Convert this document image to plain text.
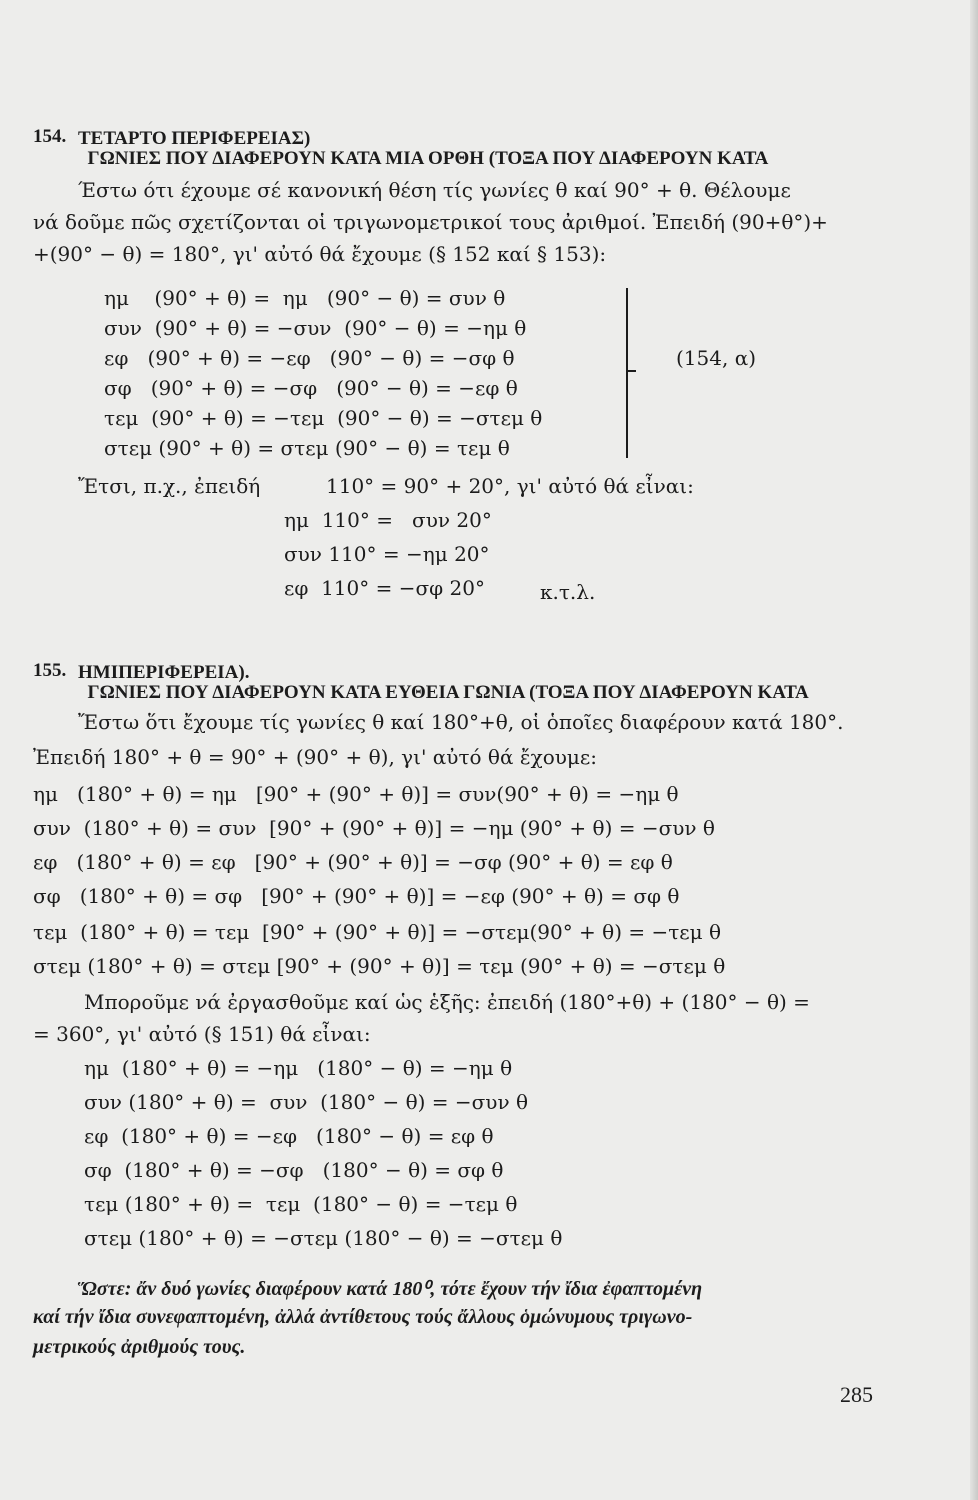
154.

ΓΩΝΙΕΣ ΠΟΥ ΔΙΑΦΕΡΟΥΝ ΚΑΤΑ ΜΙΑ ΟΡΘΗ (ΤΟΞΑ ΠΟΥ ΔΙΑΦΕΡΟΥΝ ΚΑΤΑ

ΤΕΤΑΡΤΟ ΠΕΡΙΦΕΡΕΙΑΣ)
Έστω ότι έχουμε σέ κανονική θέση τίς γωνίες θ καί 90° + θ. Θέλουμε
νά δοῦμε πῶς σχετίζονται οἱ τριγωνομετρικοί τους ἀριθμοί. Ἐπειδή (90+θ°)+
+(90° − θ) = 180°, γι' αὐτό θά ἔχουμε (§ 152 καί § 153):
ημ    (90° + θ) =  ημ   (90° − θ) = συν θ
συν  (90° + θ) = −συν  (90° − θ) = −ημ θ
εφ   (90° + θ) = −εφ   (90° − θ) = −σφ θ
σφ   (90° + θ) = −σφ   (90° − θ) = −εφ θ
τεμ  (90° + θ) = −τεμ  (90° − θ) = −στεμ θ
στεμ (90° + θ) = στεμ (90° − θ) = τεμ θ
(154, α)
Ἔτσι, π.χ., ἐπειδή	110° = 90° + 20°, γι' αὐτό θά εἶναι:
ημ  110° =   συν 20°
συν 110° = −ημ 20°
εφ  110° = −σφ 20°	κ.τ.λ.

155.

ΓΩΝΙΕΣ ΠΟΥ ΔΙΑΦΕΡΟΥΝ ΚΑΤΑ ΕΥΘΕΙΑ ΓΩΝΙΑ (ΤΟΞΑ ΠΟΥ ΔΙΑΦΕΡΟΥΝ ΚΑΤΑ

ΗΜΙΠΕΡΙΦΕΡΕΙΑ).
Ἔστω ὅτι ἔχουμε τίς γωνίες θ καί 180°+θ, οἱ ὁποῖες διαφέρουν κατά 180°.
Ἐπειδή 180° + θ = 90° + (90° + θ), γι' αὐτό θά ἔχουμε:
ημ   (180° + θ) = ημ   [90° + (90° + θ)] = συν(90° + θ) = −ημ θ
συν  (180° + θ) = συν  [90° + (90° + θ)] = −ημ (90° + θ) = −συν θ
εφ   (180° + θ) = εφ   [90° + (90° + θ)] = −σφ (90° + θ) = εφ θ
σφ   (180° + θ) = σφ   [90° + (90° + θ)] = −εφ (90° + θ) = σφ θ
τεμ  (180° + θ) = τεμ  [90° + (90° + θ)] = −στεμ(90° + θ) = −τεμ θ
στεμ (180° + θ) = στεμ [90° + (90° + θ)] = τεμ (90° + θ) = −στεμ θ
Μποροῦμε νά ἐργασθοῦμε καί ὡς ἑξῆς: ἐπειδή (180°+θ) + (180° − θ) =
= 360°, γι' αὐτό (§ 151) θά εἶναι:
ημ  (180° + θ) = −ημ   (180° − θ) = −ημ θ
συν (180° + θ) =  συν  (180° − θ) = −συν θ
εφ  (180° + θ) = −εφ   (180° − θ) = εφ θ
σφ  (180° + θ) = −σφ   (180° − θ) = σφ θ
τεμ (180° + θ) =  τεμ  (180° − θ) = −τεμ θ
στεμ (180° + θ) = −στεμ (180° − θ) = −στεμ θ
Ὥστε: ἄν δυό γωνίες διαφέρουν κατά 180⁰, τότε ἔχουν τήν ἴδια ἐφαπτομένη
καί τήν ἴδια συνεφαπτομένη, ἀλλά ἀντίθετους τούς ἄλλους ὁμώνυμους τριγωνο-
μετρικούς ἀριθμούς τους.
285
